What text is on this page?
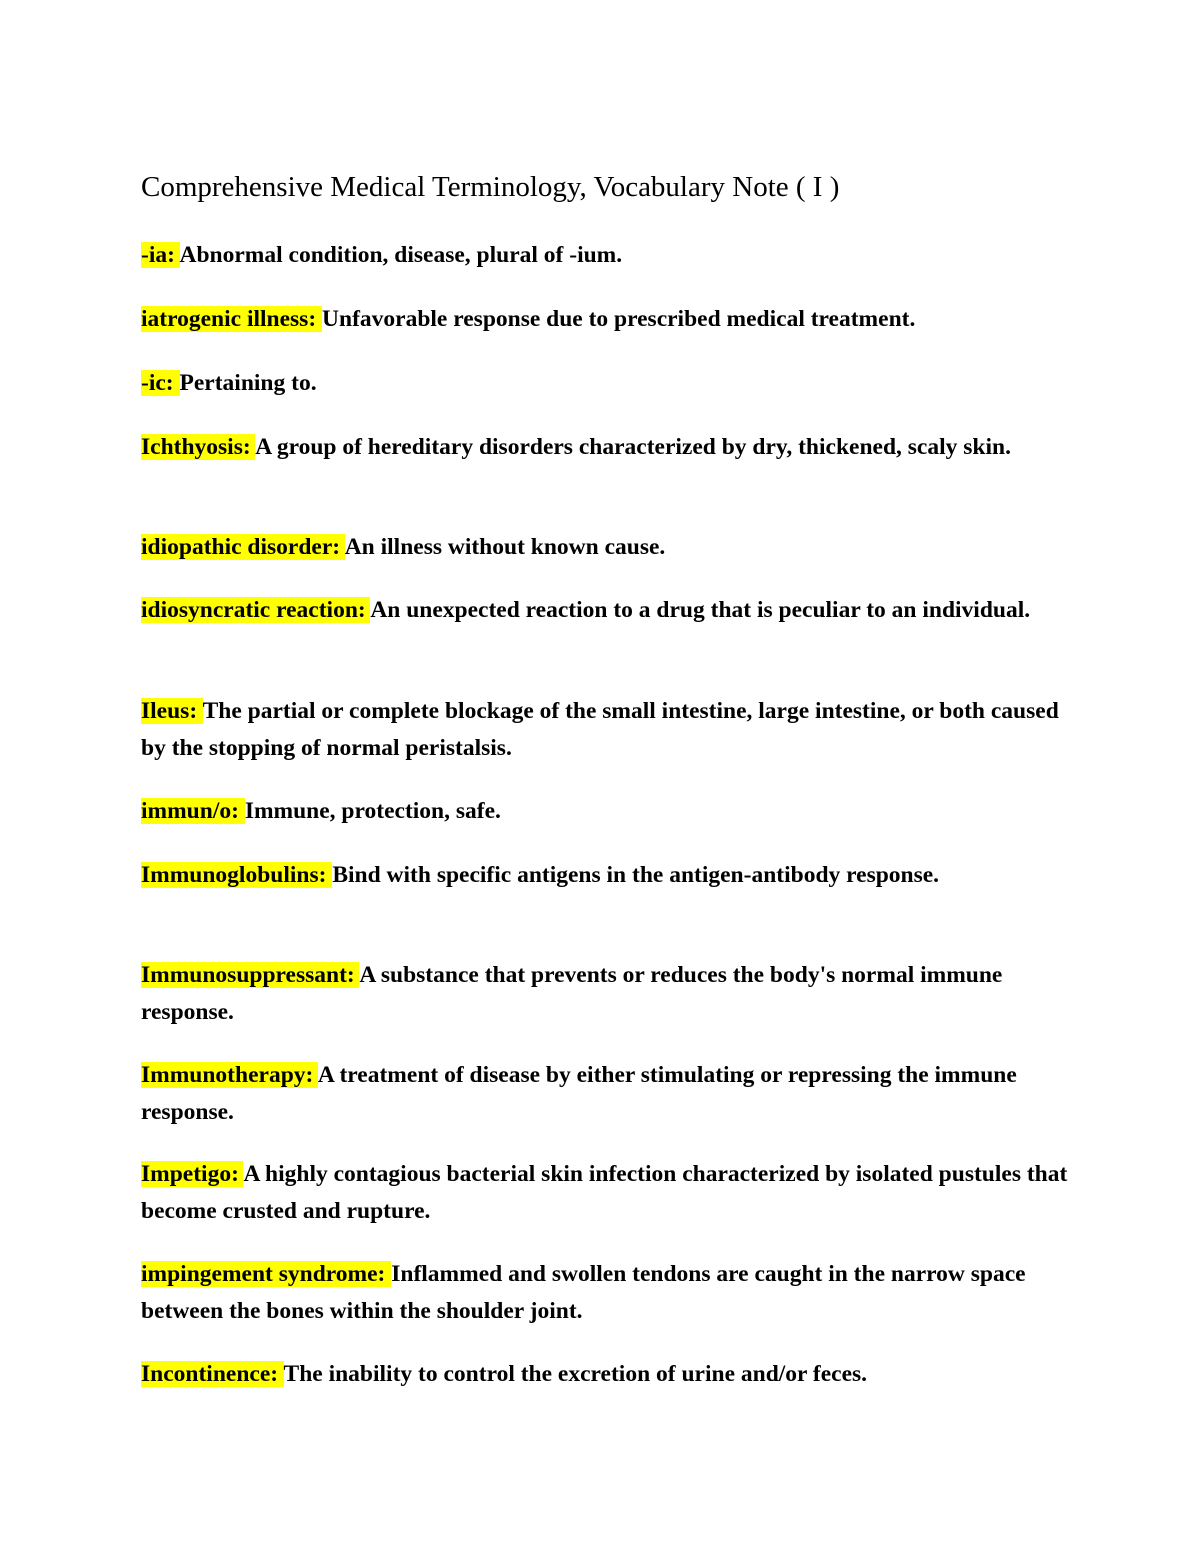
Comprehensive Medical Terminology, Vocabulary Note ( I )

-ia: Abnormal condition, disease, plural of -ium.

iatrogenic illness: Unfavorable response due to prescribed medical treatment.

-ic: Pertaining to.

Ichthyosis: A group of hereditary disorders characterized by dry, thickened, scaly skin.

idiopathic disorder: An illness without known cause.

idiosyncratic reaction: An unexpected reaction to a drug that is peculiar to an individual.

Ileus: The partial or complete blockage of the small intestine, large intestine, or both caused by the stopping of normal peristalsis.

immun/o: Immune, protection, safe.

Immunoglobulins: Bind with specific antigens in the antigen-antibody response.

Immunosuppressant: A substance that prevents or reduces the body's normal immune response.

Immunotherapy: A treatment of disease by either stimulating or repressing the immune response.

Impetigo: A highly contagious bacterial skin infection characterized by isolated pustules that become crusted and rupture.

impingement syndrome: Inflammed and swollen tendons are caught in the narrow space between the bones within the shoulder joint.

Incontinence: The inability to control the excretion of urine and/or feces.
